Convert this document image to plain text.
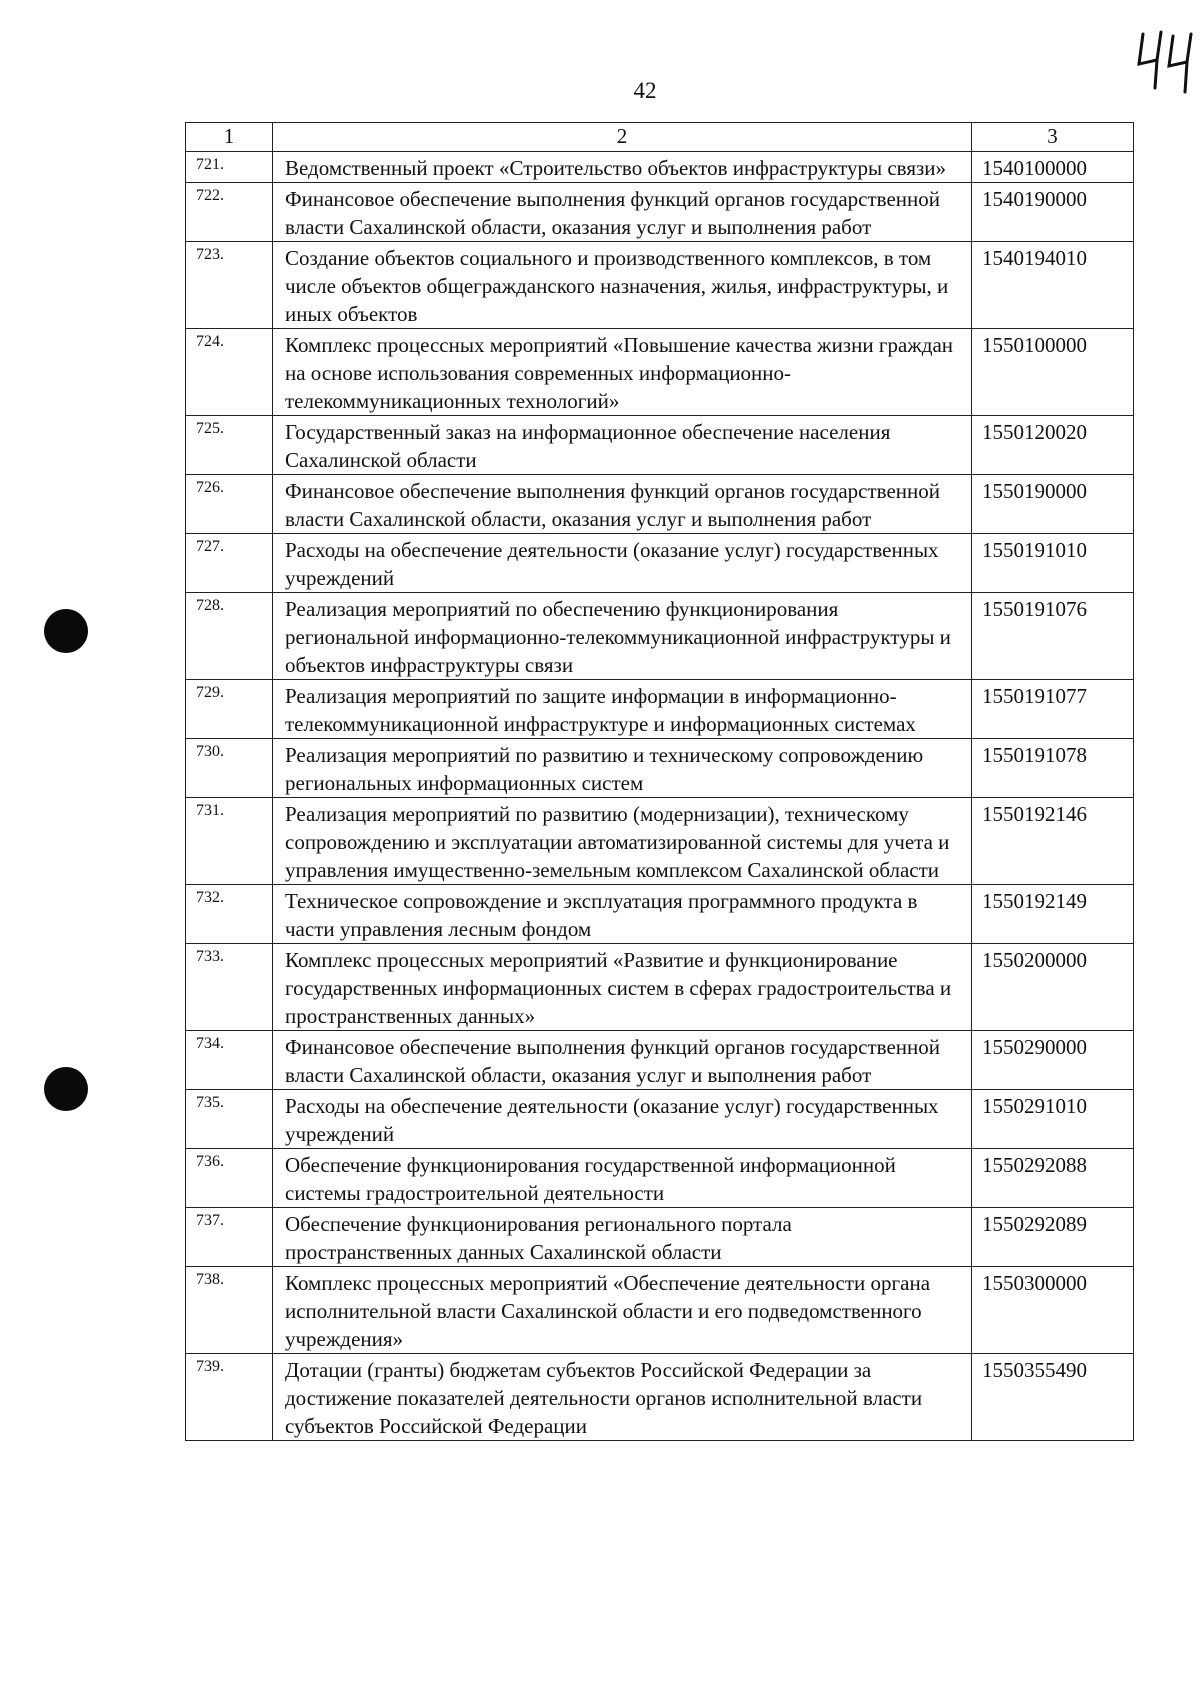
42
1	2	3
721.	Ведомственный проект «Строительство объектов инфраструктуры связи»	1540100000
722.	Финансовое обеспечение выполнения функций органов государственной власти Сахалинской области, оказания услуг и выполнения работ	1540190000
723.	Создание объектов социального и производственного комплексов, в том числе объектов общегражданского назначения, жилья, инфраструктуры, и иных объектов	1540194010
724.	Комплекс процессных мероприятий «Повышение качества жизни граждан на основе использования современных информационно-телекоммуникационных технологий»	1550100000
725.	Государственный заказ на информационное обеспечение населения Сахалинской области	1550120020
726.	Финансовое обеспечение выполнения функций органов государственной власти Сахалинской области, оказания услуг и выполнения работ	1550190000
727.	Расходы на обеспечение деятельности (оказание услуг) государственных учреждений	1550191010
728.	Реализация мероприятий по обеспечению функционирования региональной информационно-телекоммуникационной инфраструктуры и объектов инфраструктуры связи	1550191076
729.	Реализация мероприятий по защите информации в информационно-телекоммуникационной инфраструктуре и информационных системах	1550191077
730.	Реализация мероприятий по развитию и техническому сопровождению региональных информационных систем	1550191078
731.	Реализация мероприятий по развитию (модернизации), техническому сопровождению и эксплуатации автоматизированной системы для учета и управления имущественно-земельным комплексом Сахалинской области	1550192146
732.	Техническое сопровождение и эксплуатация программного продукта в части управления лесным фондом	1550192149
733.	Комплекс процессных мероприятий «Развитие и функционирование государственных информационных систем в сферах градостроительства и пространственных данных»	1550200000
734.	Финансовое обеспечение выполнения функций органов государственной власти Сахалинской области, оказания услуг и выполнения работ	1550290000
735.	Расходы на обеспечение деятельности (оказание услуг) государственных учреждений	1550291010
736.	Обеспечение функционирования государственной информационной системы градостроительной деятельности	1550292088
737.	Обеспечение функционирования регионального портала пространственных данных Сахалинской области	1550292089
738.	Комплекс процессных мероприятий «Обеспечение деятельности органа исполнительной власти Сахалинской области и его подведомственного учреждения»	1550300000
739.	Дотации (гранты) бюджетам субъектов Российской Федерации за достижение показателей деятельности органов исполнительной власти субъектов Российской Федерации	1550355490
